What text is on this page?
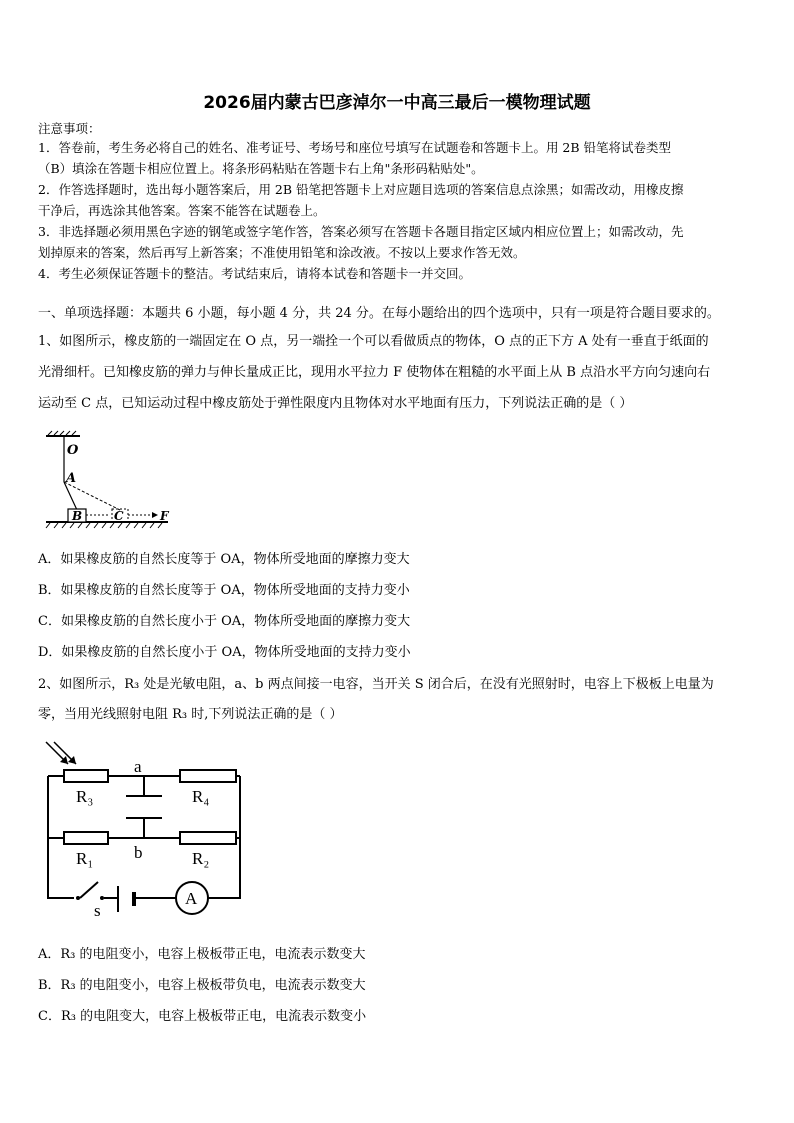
2026届内蒙古巴彦淖尔一中高三最后一模物理试题
注意事项：
1．答卷前，考生务必将自己的姓名、准考证号、考场号和座位号填写在试题卷和答题卡上。用 2B 铅笔将试卷类型
（B）填涂在答题卡相应位置上。将条形码粘贴在答题卡右上角"条形码粘贴处"。
2．作答选择题时，选出每小题答案后，用 2B 铅笔把答题卡上对应题目选项的答案信息点涂黑；如需改动，用橡皮擦
干净后，再选涂其他答案。答案不能答在试题卷上。
3．非选择题必须用黑色字迹的钢笔或签字笔作答，答案必须写在答题卡各题目指定区域内相应位置上；如需改动，先
划掉原来的答案，然后再写上新答案；不准使用铅笔和涂改液。不按以上要求作答无效。
4．考生必须保证答题卡的整洁。考试结束后，请将本试卷和答题卡一并交回。
一、单项选择题：本题共 6 小题，每小题 4 分，共 24 分。在每小题给出的四个选项中，只有一项是符合题目要求的。
1、如图所示，橡皮筋的一端固定在 O 点，另一端拴一个可以看做质点的物体，O 点的正下方 A 处有一垂直于纸面的
光滑细杆。已知橡皮筋的弹力与伸长量成正比，现用水平拉力 F 使物体在粗糙的水平面上从 B 点沿水平方向匀速向右
运动至 C 点，已知运动过程中橡皮筋处于弹性限度内且物体对水平地面有压力，下列说法正确的是（ ）
O
A
B	C	F
A．如果橡皮筋的自然长度等于 OA，物体所受地面的摩擦力变大
B．如果橡皮筋的自然长度等于 OA，物体所受地面的支持力变小
C．如果橡皮筋的自然长度小于 OA，物体所受地面的摩擦力变大
D．如果橡皮筋的自然长度小于 OA，物体所受地面的支持力变小
2、如图所示，R₃ 处是光敏电阻，a、b 两点间接一电容，当开关 S 闭合后，在没有光照射时，电容上下极板上电量为
零，当用光线照射电阻 R₃ 时,下列说法正确的是（ ）
a
b
R₃	R₄
R₁	R₂
s
A
A．R₃ 的电阻变小，电容上极板带正电，电流表示数变大
B．R₃ 的电阻变小，电容上极板带负电，电流表示数变大
C．R₃ 的电阻变大，电容上极板带正电，电流表示数变小
